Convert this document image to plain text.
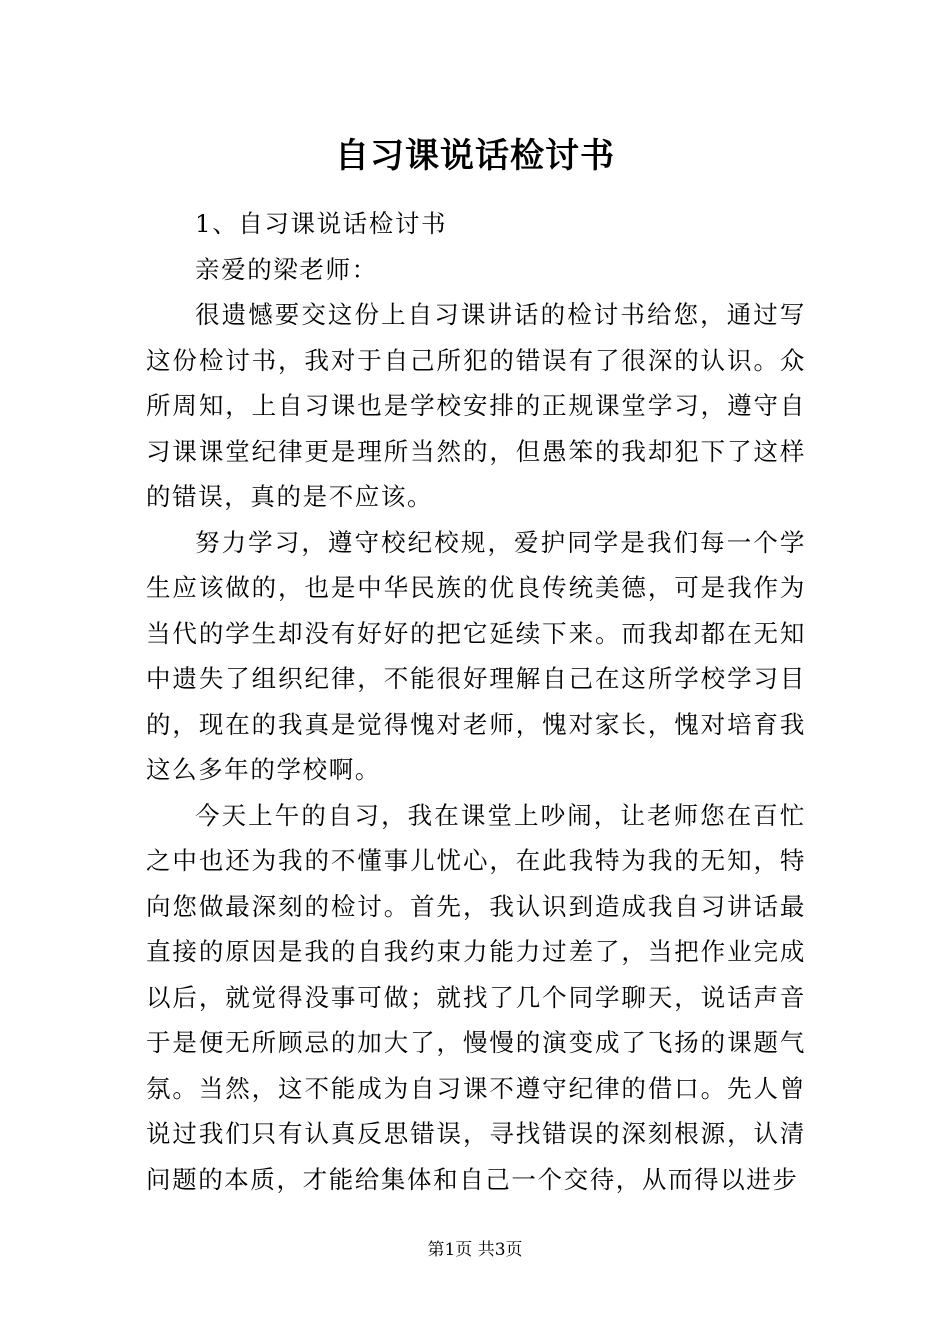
自习课说话检讨书

1、自习课说话检讨书

亲爱的梁老师：

很遗憾要交这份上自习课讲话的检讨书给您，通过写这份检讨书，我对于自己所犯的错误有了很深的认识。众所周知，上自习课也是学校安排的正规课堂学习，遵守自习课课堂纪律更是理所当然的，但愚笨的我却犯下了这样的错误，真的是不应该。

努力学习，遵守校纪校规，爱护同学是我们每一个学生应该做的，也是中华民族的优良传统美德，可是我作为当代的学生却没有好好的把它延续下来。而我却都在无知中遗失了组织纪律，不能很好理解自己在这所学校学习目的，现在的我真是觉得愧对老师，愧对家长，愧对培育我这么多年的学校啊。

今天上午的自习，我在课堂上吵闹，让老师您在百忙之中也还为我的不懂事儿忧心，在此我特为我的无知，特向您做最深刻的检讨。首先，我认识到造成我自习讲话最直接的原因是我的自我约束力能力过差了，当把作业完成以后，就觉得没事可做；就找了几个同学聊天，说话声音于是便无所顾忌的加大了，慢慢的演变成了飞扬的课题气氛。当然，这不能成为自习课不遵守纪律的借口。先人曾说过我们只有认真反思错误，寻找错误的深刻根源，认清问题的本质，才能给集体和自己一个交待，从而得以进步

第1页 共3页
